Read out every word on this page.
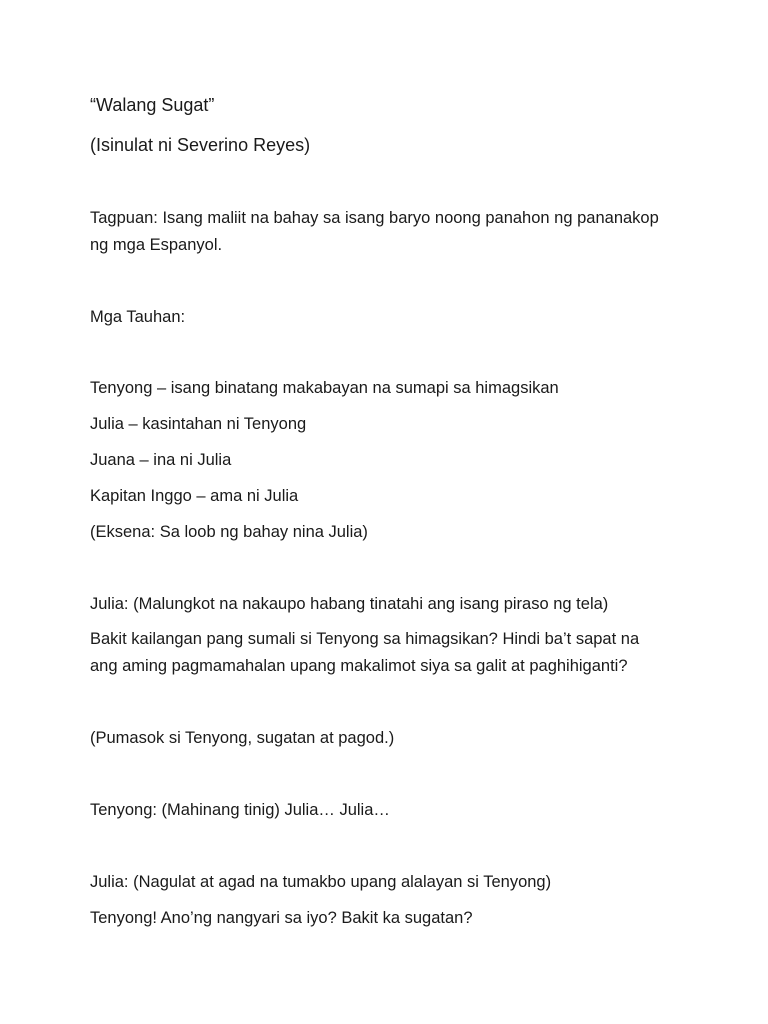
“Walang Sugat”

(Isinulat ni Severino Reyes)

Tagpuan: Isang maliit na bahay sa isang baryo noong panahon ng pananakop ng mga Espanyol.

Mga Tauhan:

Tenyong – isang binatang makabayan na sumapi sa himagsikan

Julia – kasintahan ni Tenyong

Juana – ina ni Julia

Kapitan Inggo – ama ni Julia

(Eksena: Sa loob ng bahay nina Julia)

Julia: (Malungkot na nakaupo habang tinatahi ang isang piraso ng tela)

Bakit kailangan pang sumali si Tenyong sa himagsikan? Hindi ba’t sapat na ang aming pagmamahalan upang makalimot siya sa galit at paghihiganti?

(Pumasok si Tenyong, sugatan at pagod.)

Tenyong: (Mahinang tinig) Julia… Julia…

Julia: (Nagulat at agad na tumakbo upang alalayan si Tenyong)

Tenyong! Ano’ng nangyari sa iyo? Bakit ka sugatan?
